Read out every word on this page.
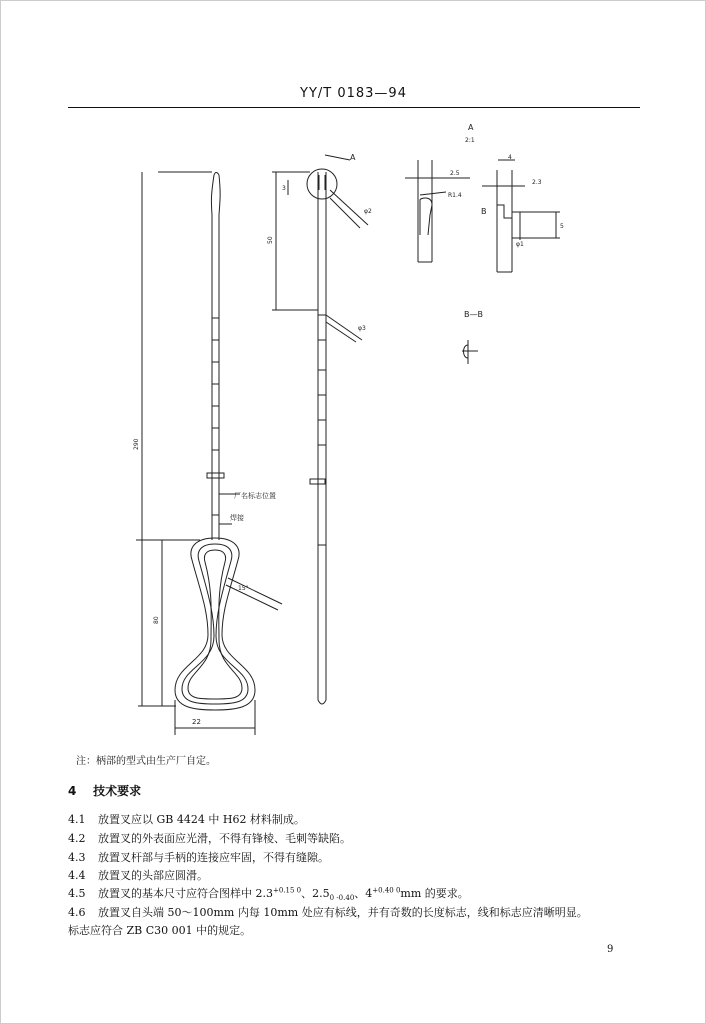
YY/T 0183—94
A
2:1
A
B—B
B
厂名标志位置
焊接
290
80
22
50
3
φ2
φ3
15°
2.5
R1.4
4
2.3
5
φ1
注：柄部的型式由生产厂自定。
4 技术要求
4.1 放置叉应以 GB 4424 中 H62 材料制成。
4.2 放置叉的外表面应光滑，不得有锋棱、毛刺等缺陷。
4.3 放置叉杆部与手柄的连接应牢固，不得有缝隙。
4.4 放置叉的头部应圆滑。
4.5 放置叉的基本尺寸应符合图样中 $2.3^{+0.15 0}$、$2.5_{0 -0.40}$、$4^{+0.40 0}mm$ 的要求。
4.6 放置叉自头端 50～100mm 内每 10mm 处应有标线，并有奇数的长度标志，线和标志应清晰明显。
标志应符合 ZB C30 001 中的规定。
9
